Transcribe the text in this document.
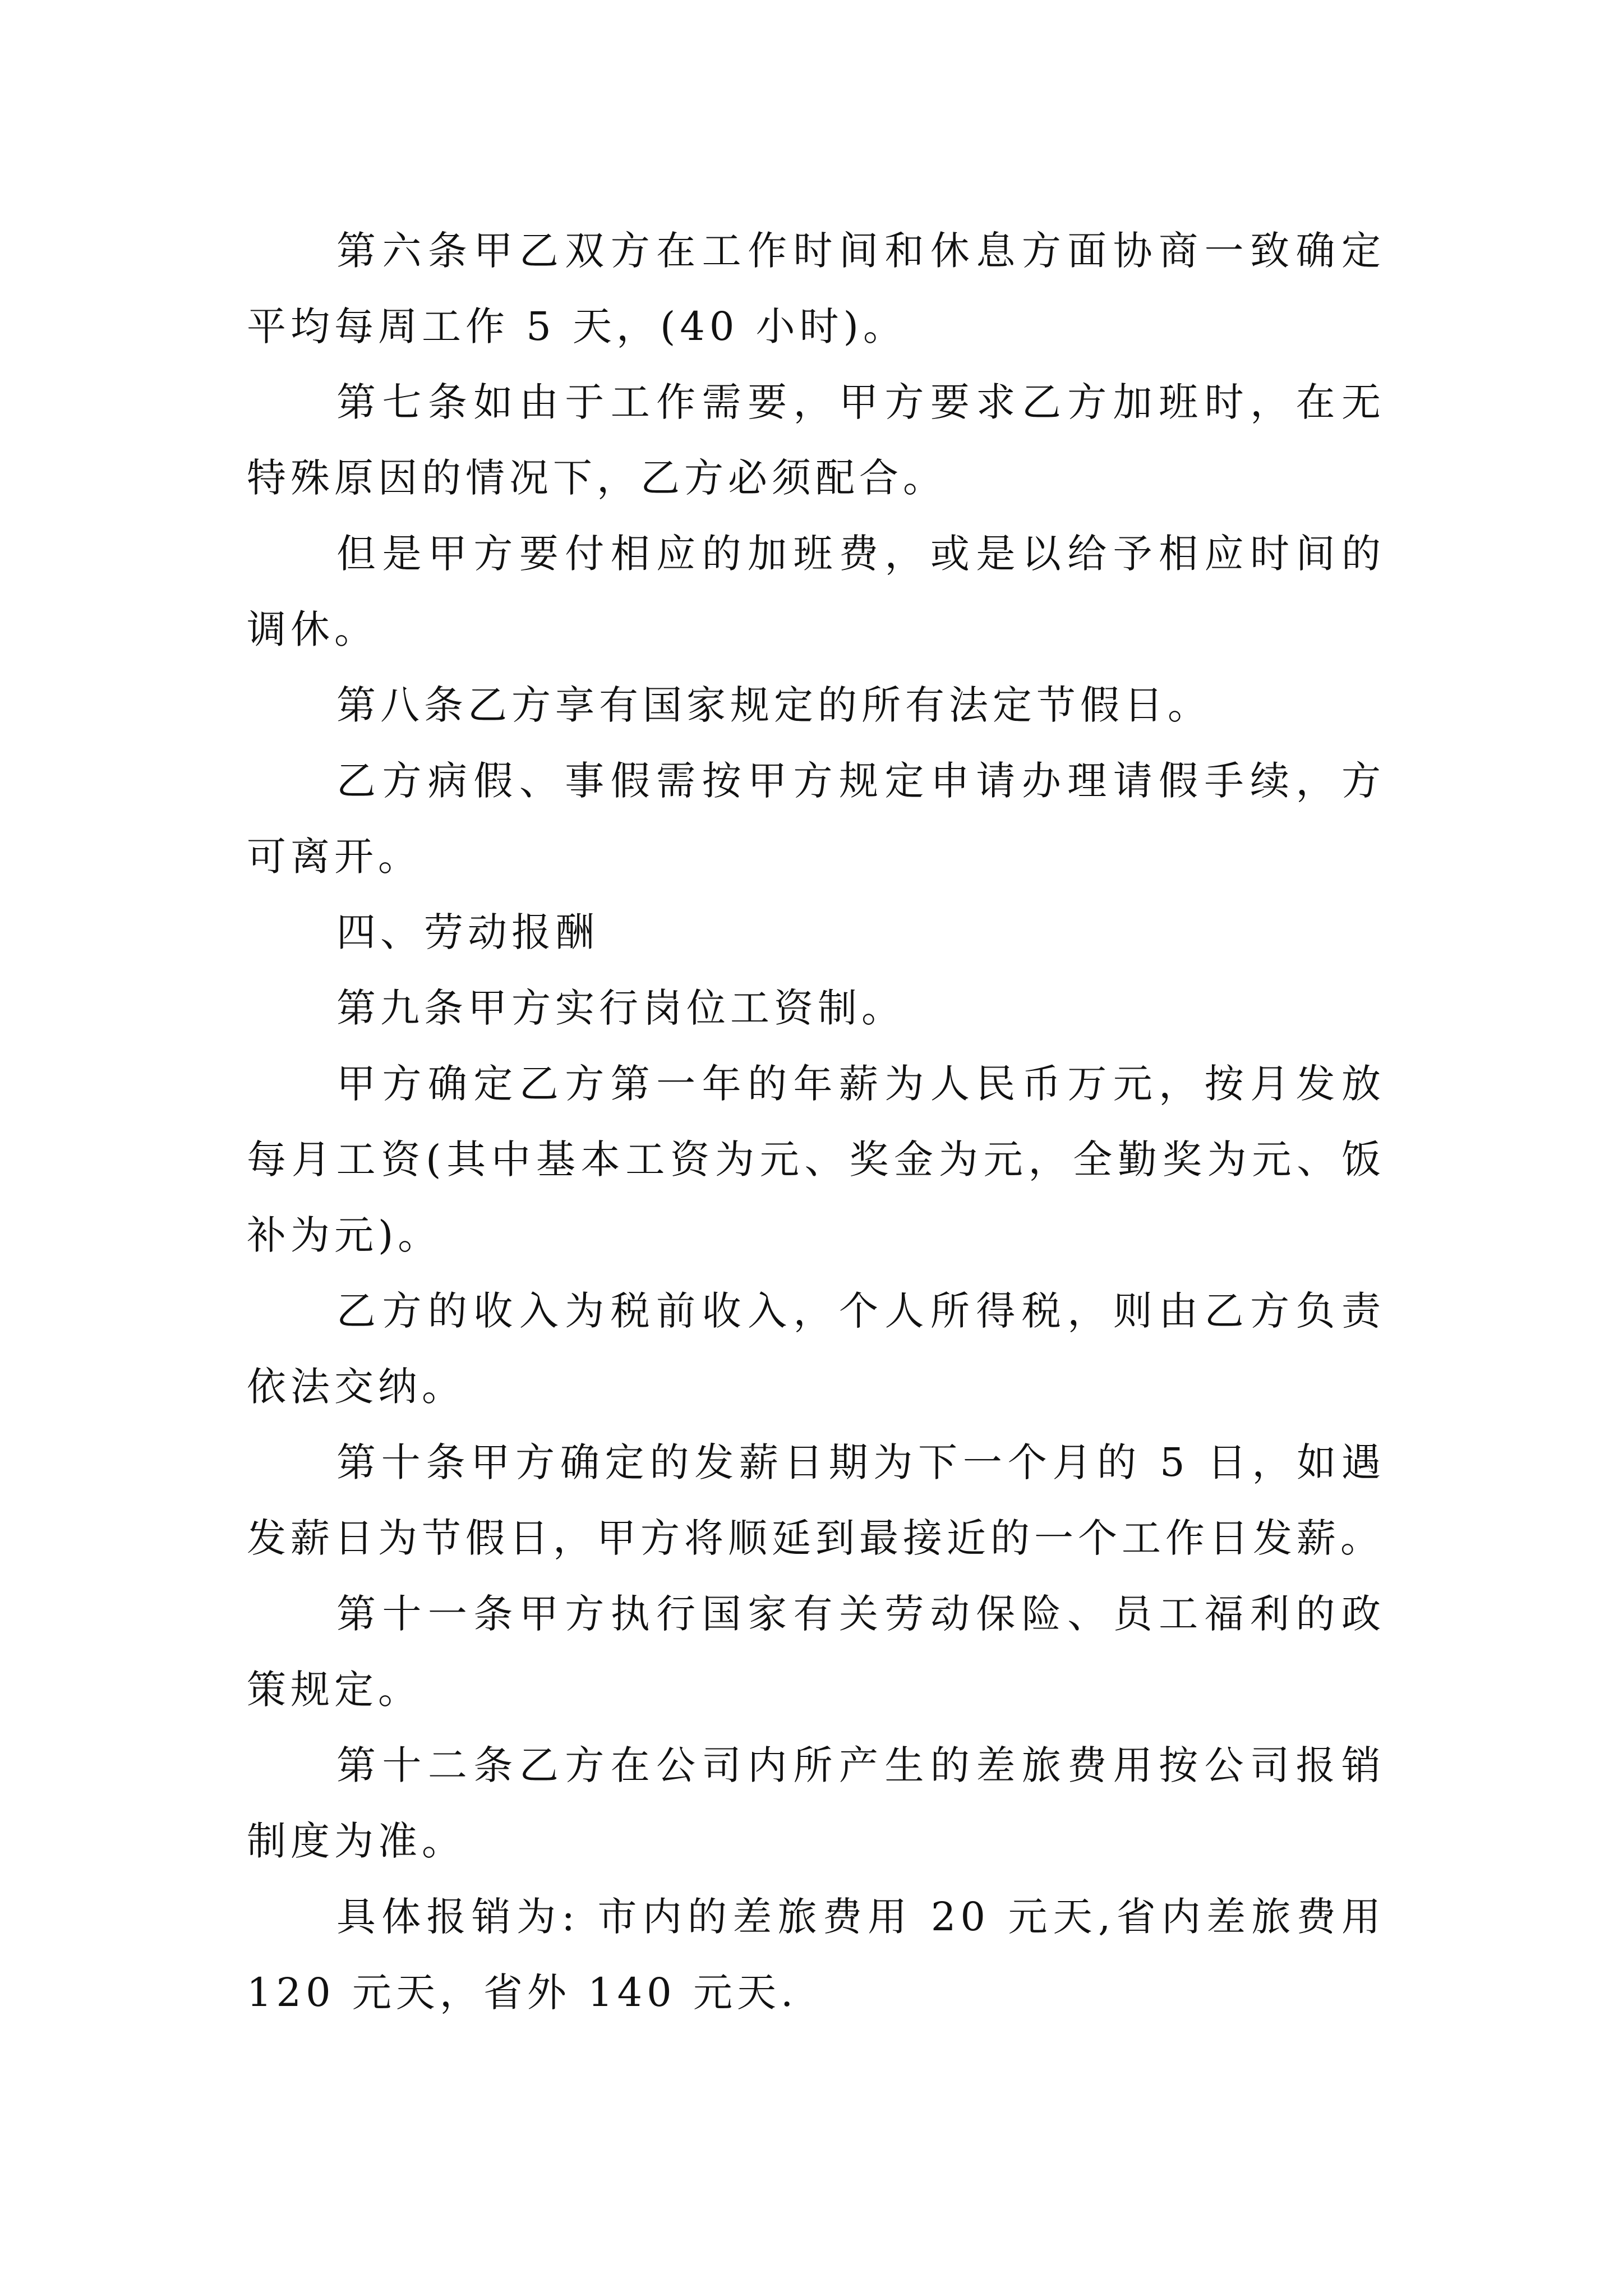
第六条甲乙双方在工作时间和休息方面协商一致确定平均每周工作 5 天，(40 小时)。

第七条如由于工作需要，甲方要求乙方加班时，在无特殊原因的情况下，乙方必须配合。

但是甲方要付相应的加班费，或是以给予相应时间的调休。

第八条乙方享有国家规定的所有法定节假日。

乙方病假、事假需按甲方规定申请办理请假手续，方可离开。

四、劳动报酬

第九条甲方实行岗位工资制。

甲方确定乙方第一年的年薪为人民币万元，按月发放每月工资(其中基本工资为元、奖金为元，全勤奖为元、饭补为元)。

乙方的收入为税前收入，个人所得税，则由乙方负责依法交纳。

第十条甲方确定的发薪日期为下一个月的 5 日，如遇发薪日为节假日，甲方将顺延到最接近的一个工作日发薪。

第十一条甲方执行国家有关劳动保险、员工福利的政策规定。

第十二条乙方在公司内所产生的差旅费用按公司报销制度为准。

具体报销为: 市内的差旅费用 20 元天,省内差旅费用 120 元天，省外 140 元天.
